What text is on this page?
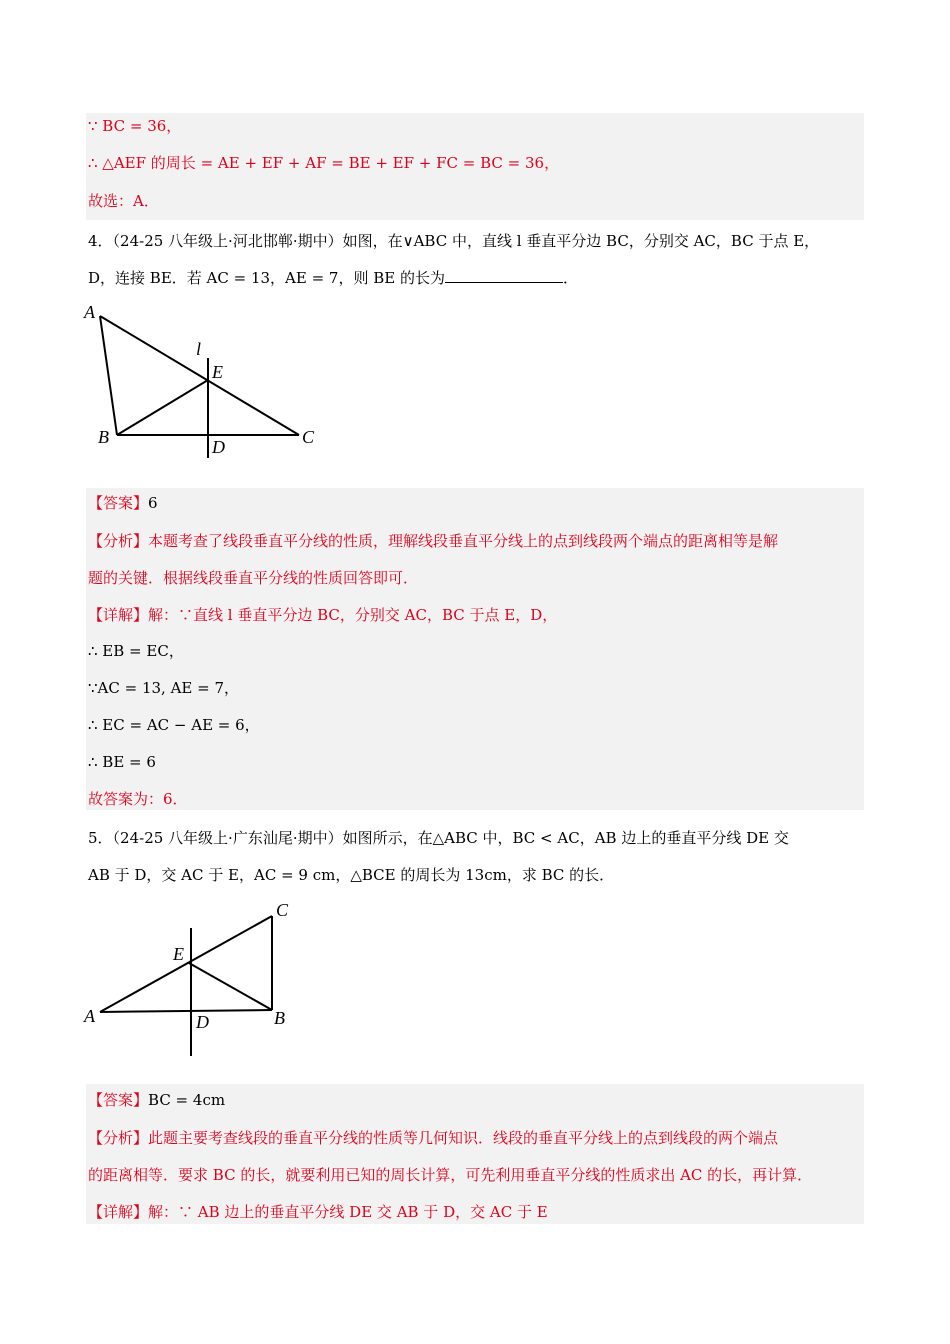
∵ BC = 36，
∴ △AEF 的周长 = AE + EF + AF = BE + EF + FC = BC = 36，
故选：A．
4．（24-25 八年级上·河北邯郸·期中）如图，在∨ABC 中，直线 l 垂直平分边 BC，分别交 AC，BC 于点 E，
D，连接 BE．若 AC = 13，AE = 7，则 BE 的长为	．
A
B	C
D
E
l
【答案】6
【分析】本题考查了线段垂直平分线的性质，理解线段垂直平分线上的点到线段两个端点的距离相等是解
题的关键．根据线段垂直平分线的性质回答即可．
【详解】解：∵直线 l 垂直平分边 BC，分别交 AC，BC 于点 E，D，
∴ EB = EC，
∵AC = 13, AE = 7，
∴ EC = AC − AE = 6，
∴ BE = 6
故答案为：6．
5．（24-25 八年级上·广东汕尾·期中）如图所示，在△ABC 中，BC < AC，AB 边上的垂直平分线 DE 交
AB 于 D，交 AC 于 E，AC = 9 cm，△BCE 的周长为 13cm，求 BC 的长．
A	B
C
D
E
【答案】BC = 4cm
【分析】此题主要考查线段的垂直平分线的性质等几何知识．线段的垂直平分线上的点到线段的两个端点
的距离相等．要求 BC 的长，就要利用已知的周长计算，可先利用垂直平分线的性质求出 AC 的长，再计算．
【详解】解：∵ AB 边上的垂直平分线 DE 交 AB 于 D，交 AC 于 E
